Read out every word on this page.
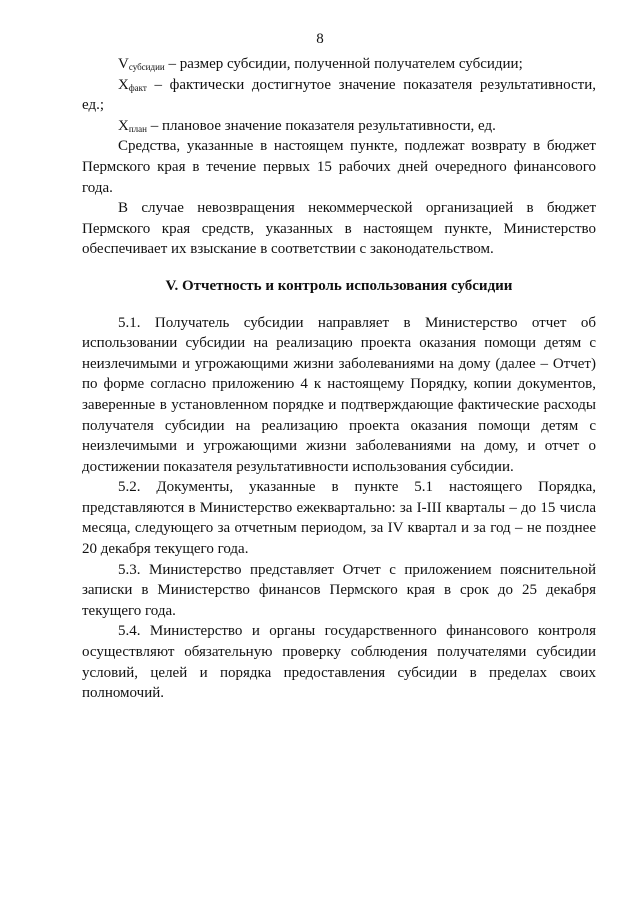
8

$V_{субсидии}$ – размер субсидии, полученной получателем субсидии;

$X_{факт}$ – фактически достигнутое значение показателя результативности, ед.;

$X_{план}$ – плановое значение показателя результативности, ед.

Средства, указанные в настоящем пункте, подлежат возврату в бюджет Пермского края в течение первых 15 рабочих дней очередного финансового года.

В случае невозвращения некоммерческой организацией в бюджет Пермского края средств, указанных в настоящем пункте, Министерство обеспечивает их взыскание в соответствии с законодательством.

V. Отчетность и контроль использования субсидии

5.1. Получатель субсидии направляет в Министерство отчет об использовании субсидии на реализацию проекта оказания помощи детям с неизлечимыми и угрожающими жизни заболеваниями на дому (далее – Отчет) по форме согласно приложению 4 к настоящему Порядку, копии документов, заверенные в установленном порядке и подтверждающие фактические расходы получателя субсидии на реализацию проекта оказания помощи детям с неизлечимыми и угрожающими жизни заболеваниями на дому, и отчет о достижении показателя результативности использования субсидии.

5.2. Документы, указанные в пункте 5.1 настоящего Порядка, представляются в Министерство ежеквартально: за I-III кварталы – до 15 числа месяца, следующего за отчетным периодом, за IV квартал и за год – не позднее 20 декабря текущего года.

5.3. Министерство представляет Отчет с приложением пояснительной записки в Министерство финансов Пермского края в срок до 25 декабря текущего года.

5.4. Министерство и органы государственного финансового контроля осуществляют обязательную проверку соблюдения получателями субсидии условий, целей и порядка предоставления субсидии в пределах своих полномочий.
